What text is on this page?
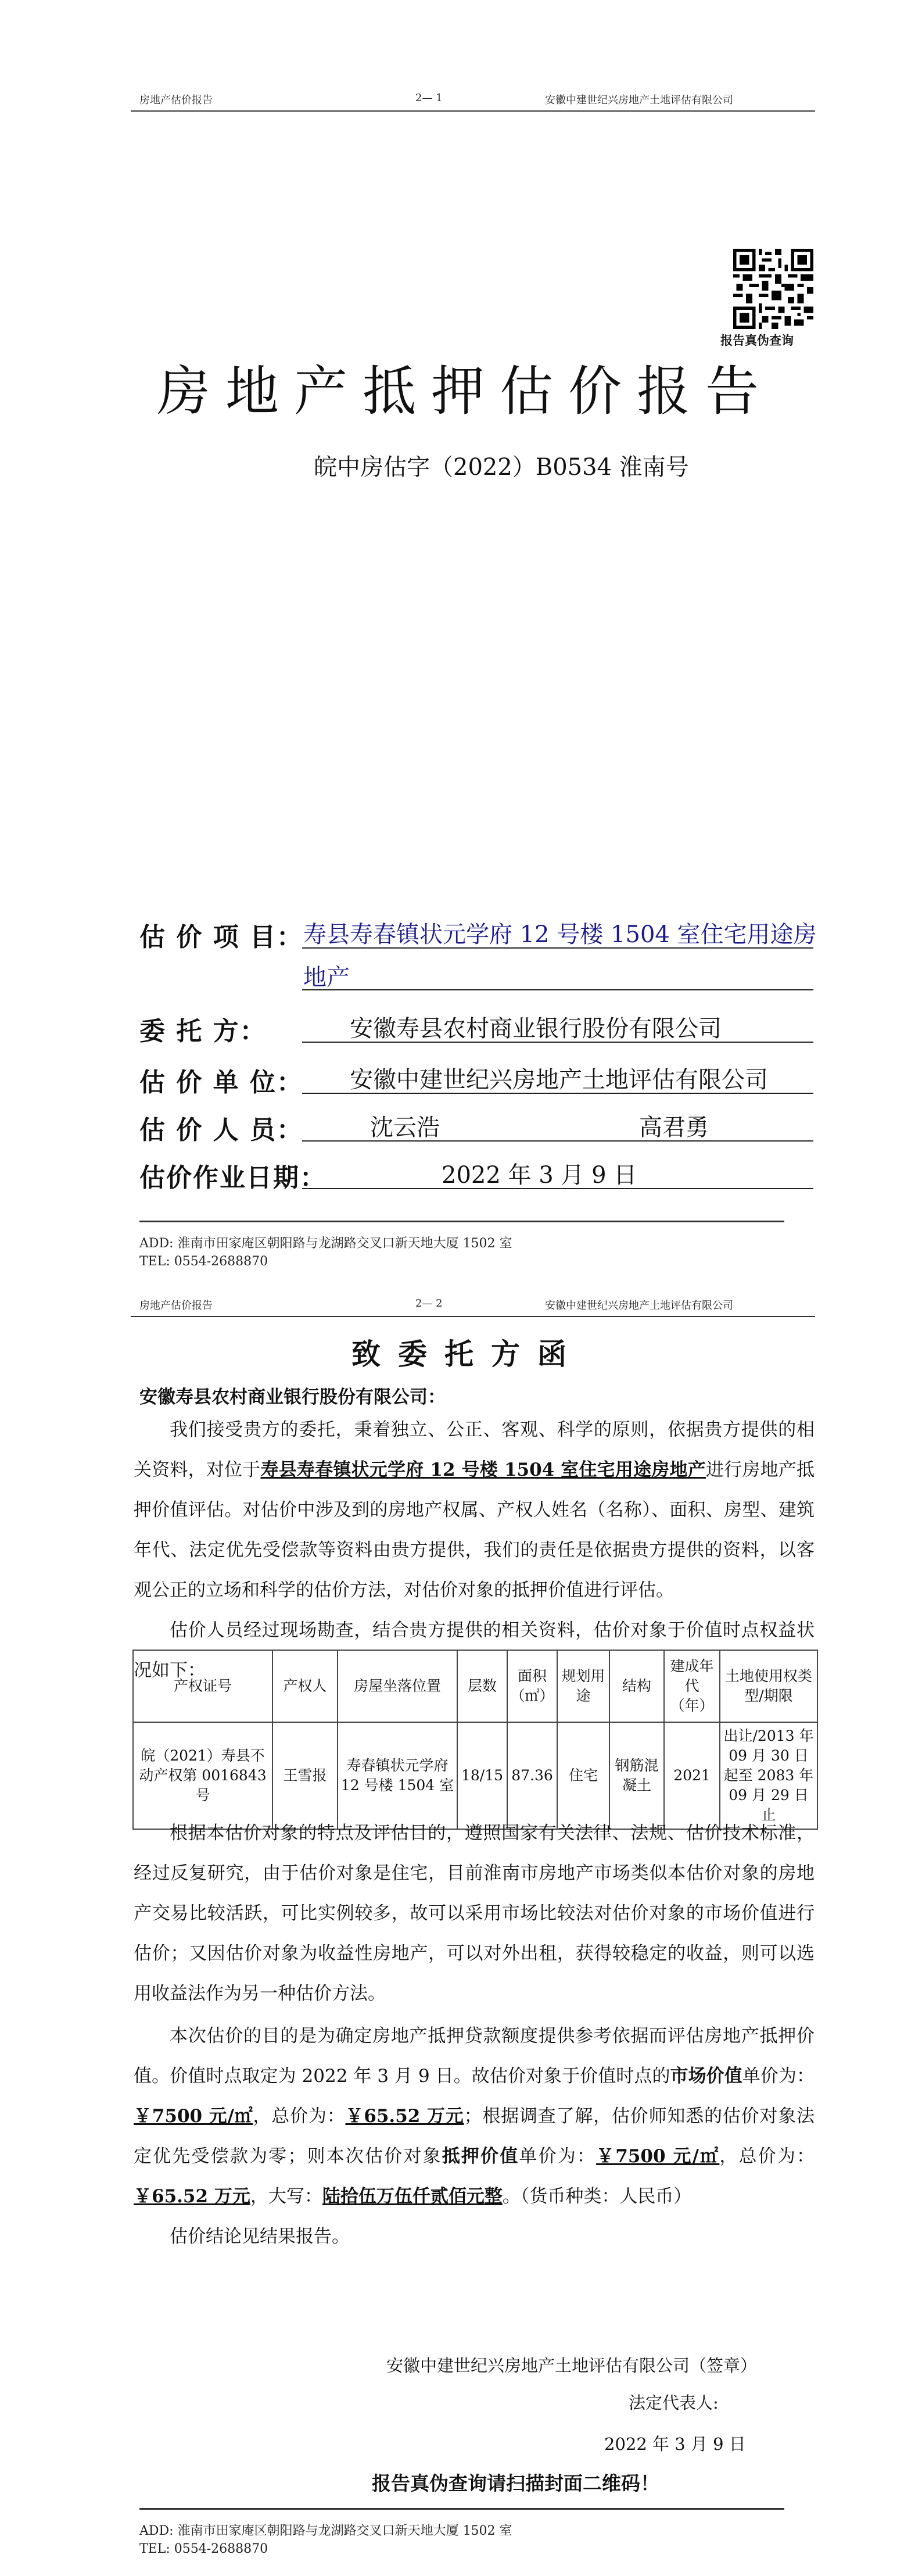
房地产估价报告	2— 1	安徽中建世纪兴房地产土地评估有限公司
报告真伪查询
房地产抵押估价报告
皖中房估字（2022）B0534 淮南号
估 价 项 目： 寿县寿春镇状元学府 12 号楼 1504 室住宅用途房
地产
委 托 方：	安徽寿县农村商业银行股份有限公司
估 价 单 位： 安徽中建世纪兴房地产土地评估有限公司
估 价 人 员：	沈云浩	高君勇
估价作业日期：	2022 年 3 月 9 日
ADD: 淮南市田家庵区朝阳路与龙湖路交叉口新天地大厦 1502 室
TEL: 0554-2688870
房地产估价报告	2— 2	安徽中建世纪兴房地产土地评估有限公司
致委托方函
安徽寿县农村商业银行股份有限公司：

我们接受贵方的委托，秉着独立、公正、客观、科学的原则，依据贵方提供的相关资料，对位于寿县寿春镇状元学府 12 号楼 1504 室住宅用途房地产进行房地产抵押价值评估。对估价中涉及到的房地产权属、产权人姓名（名称）、面积、房型、建筑年代、法定优先受偿款等资料由贵方提供，我们的责任是依据贵方提供的资料，以客观公正的立场和科学的估价方法，对估价对象的抵押价值进行评估。

估价人员经过现场勘查，结合贵方提供的相关资料，估价对象于价值时点权益状况如下：

产权证号	产权人	房屋坐落位置	层数	面积（㎡）	规划用途	结构	建成年代（年）	土地使用权类型/期限
皖（2021）寿县不动产权第 0016843 号	王雪报	寿春镇状元学府 12 号楼 1504 室	18/15	87.36	住宅	钢筋混凝土	2021	出让/2013 年 09 月 30 日起至 2083 年 09 月 29 日止

根据本估价对象的特点及评估目的，遵照国家有关法律、法规、估价技术标准，经过反复研究，由于估价对象是住宅，目前淮南市房地产市场类似本估价对象的房地产交易比较活跃，可比实例较多，故可以采用市场比较法对估价对象的市场价值进行估价；又因估价对象为收益性房地产，可以对外出租，获得较稳定的收益，则可以选用收益法作为另一种估价方法。

本次估价的目的是为确定房地产抵押贷款额度提供参考依据而评估房地产抵押价值。价值时点取定为 2022 年 3 月 9 日。故估价对象于价值时点的市场价值单价为：￥7500 元/㎡，总价为：￥65.52 万元；根据调查了解，估价师知悉的估价对象法定优先受偿款为零；则本次估价对象抵押价值单价为：￥7500 元/㎡，总价为：￥65.52 万元，大写：陆拾伍万伍仟贰佰元整。（货币种类：人民币）

估价结论见结果报告。

安徽中建世纪兴房地产土地评估有限公司（签章）
法定代表人:
2022 年 3 月 9 日
报告真伪查询请扫描封面二维码！
ADD: 淮南市田家庵区朝阳路与龙湖路交叉口新天地大厦 1502 室
TEL: 0554-2688870
